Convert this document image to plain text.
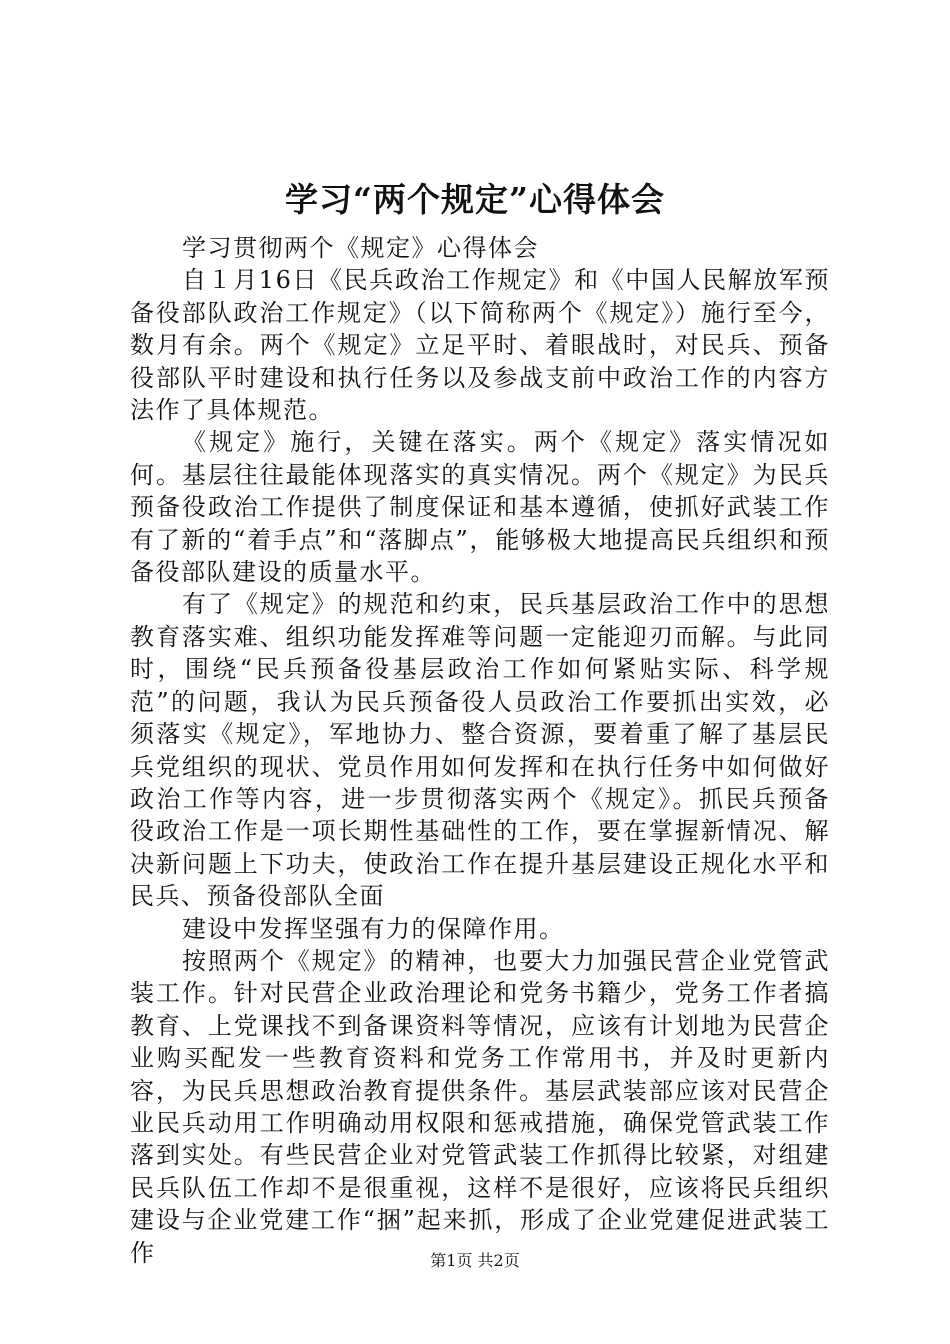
学习“两个规定”心得体会

学习贯彻两个《规定》心得体会

自１月16日《民兵政治工作规定》和《中国人民解放军预备役部队政治工作规定》（以下简称两个《规定》）施行至今，数月有余。两个《规定》立足平时、着眼战时，对民兵、预备役部队平时建设和执行任务以及参战支前中政治工作的内容方法作了具体规范。

《规定》施行，关键在落实。两个《规定》落实情况如何。基层往往最能体现落实的真实情况。两个《规定》为民兵预备役政治工作提供了制度保证和基本遵循，使抓好武装工作有了新的“着手点”和“落脚点”，能够极大地提高民兵组织和预备役部队建设的质量水平。

有了《规定》的规范和约束，民兵基层政治工作中的思想教育落实难、组织功能发挥难等问题一定能迎刃而解。与此同时，围绕“民兵预备役基层政治工作如何紧贴实际、科学规范”的问题，我认为民兵预备役人员政治工作要抓出实效，必须落实《规定》，军地协力、整合资源，要着重了解了基层民兵党组织的现状、党员作用如何发挥和在执行任务中如何做好政治工作等内容，进一步贯彻落实两个《规定》。抓民兵预备役政治工作是一项长期性基础性的工作，要在掌握新情况、解决新问题上下功夫，使政治工作在提升基层建设正规化水平和民兵、预备役部队全面

建设中发挥坚强有力的保障作用。

按照两个《规定》的精神，也要大力加强民营企业党管武装工作。针对民营企业政治理论和党务书籍少，党务工作者搞教育、上党课找不到备课资料等情况，应该有计划地为民营企业购买配发一些教育资料和党务工作常用书，并及时更新内容，为民兵思想政治教育提供条件。基层武装部应该对民营企业民兵动用工作明确动用权限和惩戒措施，确保党管武装工作落到实处。有些民营企业对党管武装工作抓得比较紧，对组建民兵队伍工作却不是很重视，这样不是很好，应该将民兵组织建设与企业党建工作“捆”起来抓，形成了企业党建促进武装工作	第1页 共2页
